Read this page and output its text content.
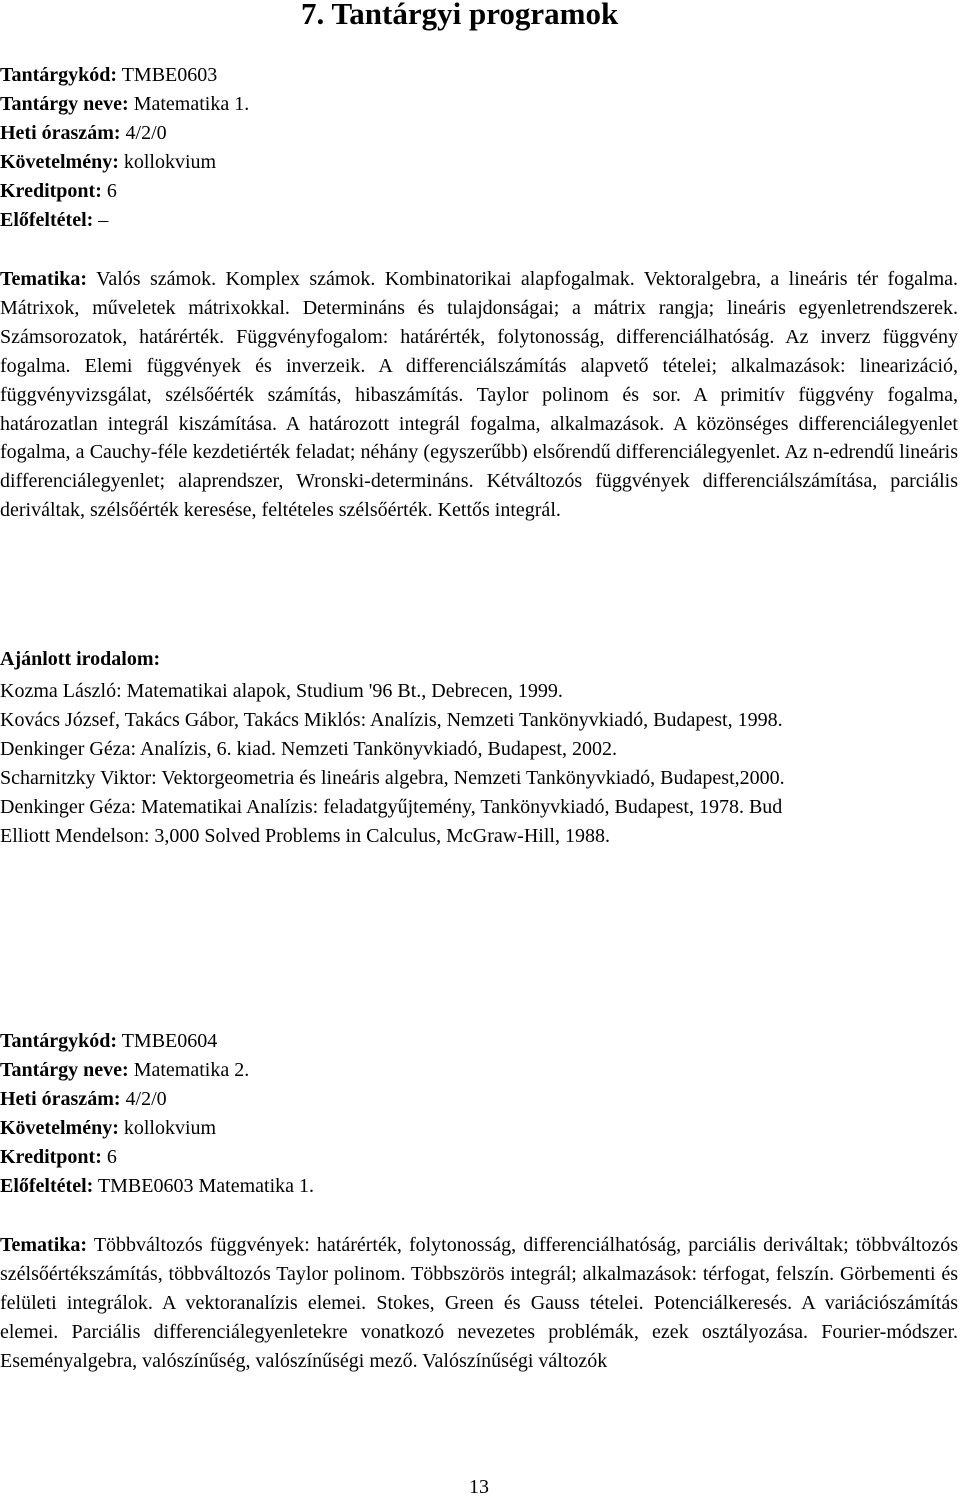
7. Tantárgyi programok
Tantárgykód: TMBE0603
Tantárgy neve: Matematika 1.
Heti óraszám: 4/2/0
Követelmény: kollokvium
Kreditpont: 6
Előfeltétel: –

Tematika: Valós számok. Komplex számok. Kombinatorikai alapfogalmak. Vektoralgebra, a lineáris tér fogalma. Mátrixok, műveletek mátrixokkal. Determináns és tulajdonságai; a mátrix rangja; lineáris egyenletrendszerek. Számsorozatok, határérték. Függvényfogalom: határérték, folytonosság, differenciálhatóság. Az inverz függvény fogalma. Elemi függvények és inverzeik. A differenciálszámítás alapvető tételei; alkalmazások: linearizáció, függvényvizsgálat, szélsőérték számítás, hibaszámítás. Taylor polinom és sor. A primitív függvény fogalma, határozatlan integrál kiszámítása. A határozott integrál fogalma, alkalmazások. A közönséges differenciálegyenlet fogalma, a Cauchy-féle kezdetiérték feladat; néhány (egyszerűbb) elsőrendű differenciálegyenlet. Az n-edrendű lineáris differenciálegyenlet; alaprendszer, Wronski-determináns. Kétváltozós függvények differenciálszámítása, parciális deriváltak, szélsőérték keresése, feltételes szélsőérték. Kettős integrál.

Ajánlott irodalom:
Kozma László: Matematikai alapok, Studium '96 Bt., Debrecen, 1999.
Kovács József, Takács Gábor, Takács Miklós: Analízis, Nemzeti Tankönyvkiadó, Budapest, 1998.
Denkinger Géza: Analízis, 6. kiad. Nemzeti Tankönyvkiadó, Budapest, 2002.
Scharnitzky Viktor: Vektorgeometria és lineáris algebra, Nemzeti Tankönyvkiadó, Budapest,2000.
Denkinger Géza: Matematikai Analízis: feladatgyűjtemény, Tankönyvkiadó, Budapest, 1978. Bud
Elliott Mendelson: 3,000 Solved Problems in Calculus, McGraw-Hill, 1988.
Tantárgykód: TMBE0604
Tantárgy neve: Matematika 2.
Heti óraszám: 4/2/0
Követelmény: kollokvium
Kreditpont: 6
Előfeltétel: TMBE0603 Matematika 1.

Tematika: Többváltozós függvények: határérték, folytonosság, differenciálhatóság, parciális deriváltak; többváltozós szélsőértékszámítás, többváltozós Taylor polinom. Többszörös integrál; alkalmazások: térfogat, felszín. Görbementi és felületi integrálok. A vektoranalízis elemei. Stokes, Green és Gauss tételei. Potenciálkeresés. A variációszámítás elemei. Parciális differenciálegyenletekre vonatkozó nevezetes problémák, ezek osztályozása. Fourier-módszer. Eseményalgebra, valószínűség, valószínűségi mező. Valószínűségi változók

13
